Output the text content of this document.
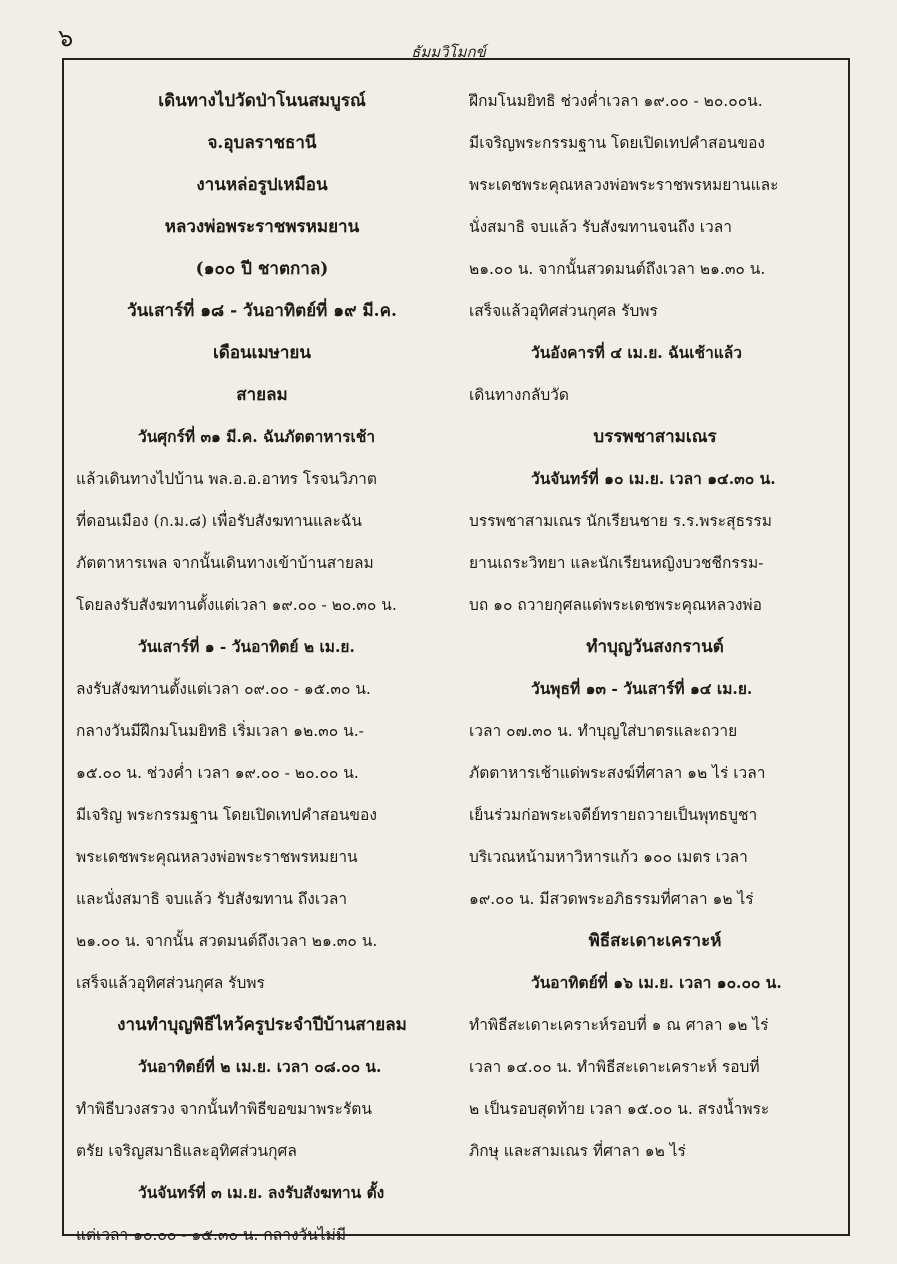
๖	ธัมมวิโมกข์
เดินทางไปวัดป่าโนนสมบูรณ์
จ.อุบลราชธานี
งานหล่อรูปเหมือน
หลวงพ่อพระราชพรหมยาน
(๑๐๐ ปี ชาตกาล)
วันเสาร์ที่ ๑๘ - วันอาทิตย์ที่ ๑๙ มี.ค.
เดือนเมษายน
สายลม
วันศุกร์ที่ ๓๑ มี.ค. ฉันภัตตาหารเช้า
แล้วเดินทางไปบ้าน พล.อ.อ.อาทร โรจนวิภาต
ที่ดอนเมือง (ก.ม.๘) เพื่อรับสังฆทานและฉัน
ภัตตาหารเพล จากนั้นเดินทางเข้าบ้านสายลม
โดยลงรับสังฆทานตั้งแต่เวลา ๑๙.๐๐ - ๒๐.๓๐ น.
วันเสาร์ที่ ๑ - วันอาทิตย์ ๒ เม.ย.
ลงรับสังฆทานตั้งแต่เวลา ๐๙.๐๐ - ๑๕.๓๐ น.
กลางวันมีฝึกมโนมยิทธิ เริ่มเวลา ๑๒.๓๐ น.-
๑๕.๐๐ น. ช่วงค่ำ เวลา ๑๙.๐๐ - ๒๐.๐๐ น.
มีเจริญ พระกรรมฐาน โดยเปิดเทปคำสอนของ
พระเดชพระคุณหลวงพ่อพระราชพรหมยาน
และนั่งสมาธิ จบแล้ว รับสังฆทาน ถึงเวลา
๒๑.๐๐ น. จากนั้น สวดมนต์ถึงเวลา ๒๑.๓๐ น.
เสร็จแล้วอุทิศส่วนกุศล รับพร
งานทำบุญพิธีไหว้ครูประจำปีบ้านสายลม
วันอาทิตย์ที่ ๒ เม.ย. เวลา ๐๘.๐๐ น.
ทำพิธีบวงสรวง จากนั้นทำพิธีขอขมาพระรัตน
ตรัย เจริญสมาธิและอุทิศส่วนกุศล
วันจันทร์ที่ ๓ เม.ย. ลงรับสังฆทาน ตั้ง
แต่เวลา ๑๐.๐๐ - ๑๕.๓๐ น. กลางวันไม่มี
ฝึกมโนมยิทธิ ช่วงค่ำเวลา ๑๙.๐๐ - ๒๐.๐๐น.
มีเจริญพระกรรมฐาน โดยเปิดเทปคำสอนของ
พระเดชพระคุณหลวงพ่อพระราชพรหมยานและ
นั่งสมาธิ จบแล้ว รับสังฆทานจนถึง เวลา
๒๑.๐๐ น. จากนั้นสวดมนต์ถึงเวลา ๒๑.๓๐ น.
เสร็จแล้วอุทิศส่วนกุศล รับพร
วันอังคารที่ ๔ เม.ย. ฉันเช้าแล้ว
เดินทางกลับวัด
บรรพชาสามเณร
วันจันทร์ที่ ๑๐ เม.ย. เวลา ๑๔.๓๐ น.
บรรพชาสามเณร นักเรียนชาย ร.ร.พระสุธรรม
ยานเถระวิทยา และนักเรียนหญิงบวชชีกรรม-
บถ ๑๐ ถวายกุศลแด่พระเดชพระคุณหลวงพ่อ
ทำบุญวันสงกรานต์
วันพุธที่ ๑๓ - วันเสาร์ที่ ๑๔ เม.ย.
เวลา ๐๗.๓๐ น. ทำบุญใส่บาตรและถวาย
ภัตตาหารเช้าแด่พระสงฆ์ที่ศาลา ๑๒ ไร่ เวลา
เย็นร่วมก่อพระเจดีย์ทรายถวายเป็นพุทธบูชา
บริเวณหน้ามหาวิหารแก้ว ๑๐๐ เมตร เวลา
๑๙.๐๐ น. มีสวดพระอภิธรรมที่ศาลา ๑๒ ไร่
พิธีสะเดาะเคราะห์
วันอาทิตย์ที่ ๑๖ เม.ย. เวลา ๑๐.๐๐ น.
ทำพิธีสะเดาะเคราะห์รอบที่ ๑ ณ ศาลา ๑๒ ไร่
เวลา ๑๔.๐๐ น. ทำพิธีสะเดาะเคราะห์ รอบที่
๒ เป็นรอบสุดท้าย เวลา ๑๕.๐๐ น. สรงน้ำพระ
ภิกษุ และสามเณร ที่ศาลา ๑๒ ไร่
